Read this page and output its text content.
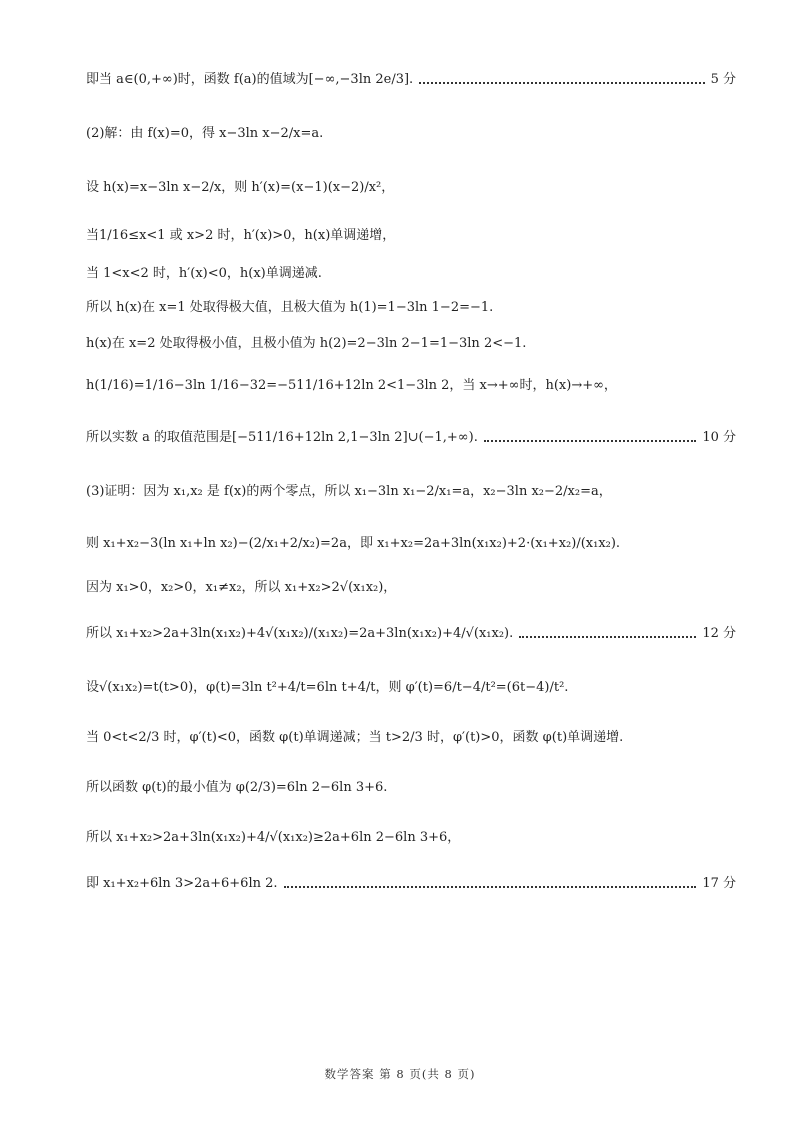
即当 a∈(0,+∞)时，函数 f(a)的值域为[−∞,−3ln 2e/3].	5 分
(2)解：由 f(x)=0，得 x−3ln x−2/x=a.
设 h(x)=x−3ln x−2/x，则 h′(x)=(x−1)(x−2)/x²，
当1/16≤x<1 或 x>2 时，h′(x)>0，h(x)单调递增，
当 1<x<2 时，h′(x)<0，h(x)单调递减.
所以 h(x)在 x=1 处取得极大值，且极大值为 h(1)=1−3ln 1−2=−1.
h(x)在 x=2 处取得极小值，且极小值为 h(2)=2−3ln 2−1=1−3ln 2<−1.
h(1/16)=1/16−3ln 1/16−32=−511/16+12ln 2<1−3ln 2，当 x→+∞时，h(x)→+∞，
所以实数 a 的取值范围是[−511/16+12ln 2,1−3ln 2]∪(−1,+∞).	10 分
(3)证明：因为 x₁,x₂ 是 f(x)的两个零点，所以 x₁−3ln x₁−2/x₁=a，x₂−3ln x₂−2/x₂=a，
则 x₁+x₂−3(ln x₁+ln x₂)−(2/x₁+2/x₂)=2a，即 x₁+x₂=2a+3ln(x₁x₂)+2·(x₁+x₂)/(x₁x₂).
因为 x₁>0，x₂>0，x₁≠x₂，所以 x₁+x₂>2√(x₁x₂)，
所以 x₁+x₂>2a+3ln(x₁x₂)+4√(x₁x₂)/(x₁x₂)=2a+3ln(x₁x₂)+4/√(x₁x₂).	12 分
设√(x₁x₂)=t(t>0)，φ(t)=3ln t²+4/t=6ln t+4/t，则 φ′(t)=6/t−4/t²=(6t−4)/t².
当 0<t<2/3 时，φ′(t)<0，函数 φ(t)单调递减；当 t>2/3 时，φ′(t)>0，函数 φ(t)单调递增.
所以函数 φ(t)的最小值为 φ(2/3)=6ln 2−6ln 3+6.
所以 x₁+x₂>2a+3ln(x₁x₂)+4/√(x₁x₂)≥2a+6ln 2−6ln 3+6，
即 x₁+x₂+6ln 3>2a+6+6ln 2.	17 分
数学答案 第 8 页(共 8 页)
